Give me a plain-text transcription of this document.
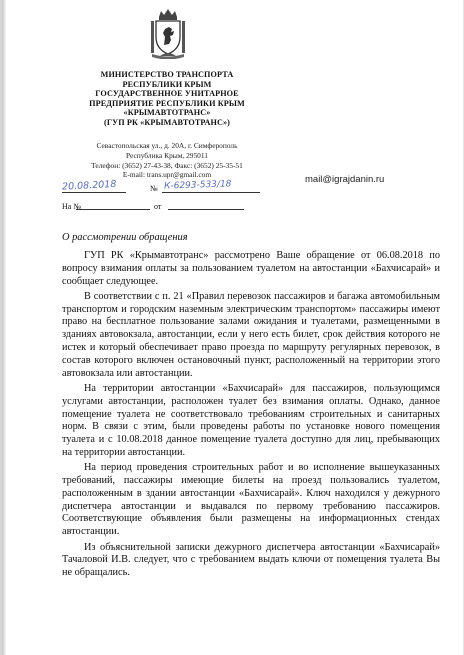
МИНИСТЕРСТВО ТРАНСПОРТА
РЕСПУБЛИКИ КРЫМ
ГОСУДАРСТВЕННОЕ УНИТАРНОЕ
ПРЕДПРИЯТИЕ РЕСПУБЛИКИ КРЫМ
«КРЫМАВТОТРАНС»
(ГУП РК «КРЫМАВТОТРАНС»)
Севастопольская ул., д. 20А, г. Симферополь
Республика Крым, 295011
Телефон: (3652) 27-43-38, Факс: (3652) 25-35-51
E-mail: trans.upr@gmail.com
20.08.2018	№ К-6293-533/18
На №	от
mail@igrajdanin.ru
О рассмотрении обращения

ГУП РК «Крымавтотранс» рассмотрено Ваше обращение от 06.08.2018 по вопросу взимания оплаты за пользованием туалетом на автостанции «Бахчисарай» и сообщает следующее.

В соответствии с п. 21 «Правил перевозок пассажиров и багажа автомобильным транспортом и городским наземным электрическим транспортом» пассажиры имеют право на бесплатное пользование залами ожидания и туалетами, размещенными в зданиях автовокзала, автостанции, если у него есть билет, срок действия которого не истек и который обеспечивает право проезда по маршруту регулярных перевозок, в состав которого включен остановочный пункт, расположенный на территории этого автовокзала или автостанции.

На территории автостанции «Бахчисарай» для пассажиров, пользующимся услугами автостанции, расположен туалет без взимания оплаты. Однако, данное помещение туалета не соответствовало требованиям строительных и санитарных норм. В связи с этим, были проведены работы по установке нового помещения туалета и с 10.08.2018 данное помещение туалета доступно для лиц, пребывающих на территории автостанции.

На период проведения строительных работ и во исполнение вышеуказанных требований, пассажиры имеющие билеты на проезд пользовались туалетом, расположенным в здании автостанции «Бахчисарай». Ключ находился у дежурного диспетчера автостанции и выдавался по первому требованию пассажиров. Соответствующие объявления были размещены на информационных стендах автостанции.

Из объяснительной записки дежурного диспетчера автостанции «Бахчисарай» Тачаловой И.В. следует, что с требованием выдать ключи от помещения туалета Вы не обращались.
